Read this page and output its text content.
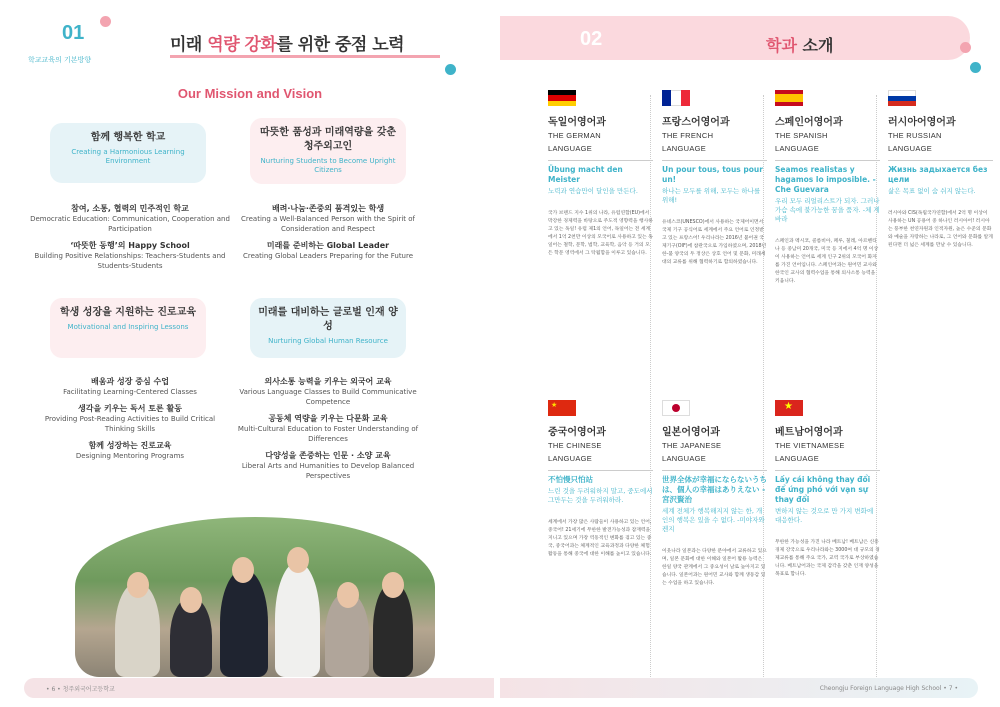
01
학교교육의 기본방향
미래 역량 강화를 위한 중점 노력
Our Mission and Vision
함께 행복한 학교
Creating a Harmonious Learning Environment
따뜻한 품성과 미래역량을 갖춘 청주외고인
Nurturing Students to Become Upright Citizens
참여, 소통, 협력의 민주적인 학교
Democratic Education: Communication, Cooperation and Participation
‘따뜻한 동행’의 Happy School
Building Positive Relationships: Teachers-Students and Students-Students
배려·나눔·존중의 품격있는 학생
Creating a Well-Balanced Person with the Spirit of Consideration and Respect
미래를 준비하는 Global Leader
Creating Global Leaders Preparing for the Future
학생 성장을 지원하는 진로교육
Motivational and Inspiring Lessons
미래를 대비하는 글로벌 인재 양성
Nurturing Global Human Resource
배움과 성장 중심 수업
Facilitating Learning-Centered Classes
생각을 키우는 독서 토론 활동
Providing Post-Reading Activities to Build Critical Thinking Skills
함께 성장하는 진로교육
Designing Mentoring Programs
의사소통 능력을 키우는 외국어 교육
Various Language Classes to Build Communicative Competence
공동체 역량을 키우는 다문화 교육
Multi-Cultural Education to Foster Understanding of Differences
다양성을 존중하는 인문 · 소양 교육
Liberal Arts and Humanities to Develop Balanced Perspectives
• 6 • 청주외국어고등학교
02	학과 소개
독일어영어과
THE GERMAN
LANGUAGE
Übung macht den Meister
노력과 연습만이 달인을 만든다.
국가 브랜드 지수 1위의 나라, 유럽연합(EU)에서 막강한 경제력을 바탕으로 주도적 영향력을 행사하고 있는 독일! 유럽 제1의 언어, 독일어는 전 세계에서 1억 2천만 이상의 모국어로 사용하고 있는 독일어는 철학, 문학, 법학, 교육학, 음악 등 거의 모든 학문 영역에서 그 탁월함을 이루고 있습니다.
프랑스어영어과
THE FRENCH
LANGUAGE
Un pour tous, tous pour un!
하나는 모두를 위해, 모두는 하나를 위해!
유네스코(UNESCO)에서 사용하는 국제어이면서 국제 기구 공식어로 세계에서 주요 언어로 인정받고 있는 프랑스어! 우리나라는 2016년 불어권 국제기구(OIF)에 참관국으로 가입하였으며, 2018년 한-불 양국의 두 정상은 상호 언어 및 문화, 미래세대의 교류를 위해 협력하기로 합의하였습니다.
스페인어영어과
THE SPANISH
LANGUAGE
Seamos realistas y hagamos lo imposible. -Che Guevara
우리 모두 리얼리스트가 되자. 그러나 가슴 속에 불가능한 꿈을 품자. -체 게바라
스페인과 멕시코, 콜롬비아, 페루, 칠레, 아르헨티나 등 중남미 20개국, 미국 등 지에서 4억 명 이상이 사용하는 언어로 세계 인구 2위의 모국어 화자를 가진 언어입니다. 스페인어과는 원어민 교사와 한국인 교사의 협력수업을 통해 의사소통 능력을 키웁니다.
러시아어영어과
THE RUSSIAN
LANGUAGE
Жизнь задыхается без цели
삶은 목표 없이 숨 쉬지 않는다.
러시아와 CIS(독립국가연합)에서 2억 명 이상이 사용하는 UN 공용어 중 하나인 러시아어! 러시아는 풍부한 천연자원과 인적자원, 높은 수준의 문화와 예술을 자랑하는 나라로, 그 언어와 문화를 알게 된다면 더 넓은 세계를 만날 수 있습니다.
★
중국어영어과
THE CHINESE
LANGUAGE
不怕慢只怕站
느린 것을 두려워하지 말고, 중도에서 그만두는 것을 두려워하라.
세계에서 가장 많은 사람들이 사용하고 있는 언어, 중국어! 21세기에 무한한 발전가능성과 잠재력을 지니고 있으며 가장 역동적인 변화를 겪고 있는 중국, 중국어과는 체계적인 교육과정과 다양한 체험 활동을 통해 중국에 대한 이해를 높이고 있습니다.
일본어영어과
THE JAPANESE
LANGUAGE
世界全体が幸福にならないうちは、個人の幸福はありえない -宮沢賢治
세계 전체가 행복해지지 않는 한, 개인의 행복은 있을 수 없다. -미야자와 켄지
이웃나라 일본과는 다양한 분야에서 교류하고 있으며, 일본 문화에 대한 이해와 일본어 활용 능력은 한일 양국 관계에서 그 중요성이 날로 높아지고 있습니다. 일본어과는 원어민 교사와 함께 생동감 있는 수업을 하고 있습니다.
★
베트남어영어과
THE VIETNAMESE
LANGUAGE
Lấy cái không thay đổi để ứng phó với vạn sự thay đổi
변하지 않는 것으로 만 가지 변화에 대응한다.
무한한 가능성을 가진 나라 베트남! 베트남은 신흥 경제 강국으로 우리나라와는 3000여 대 규모의 경제교류를 통해 주요 국가, 교역 국가로 부상하였습니다. 베트남어과는 국제 감각을 갖춘 인재 양성을 목표로 합니다.
Cheongju Foreign Language High School • 7 •
